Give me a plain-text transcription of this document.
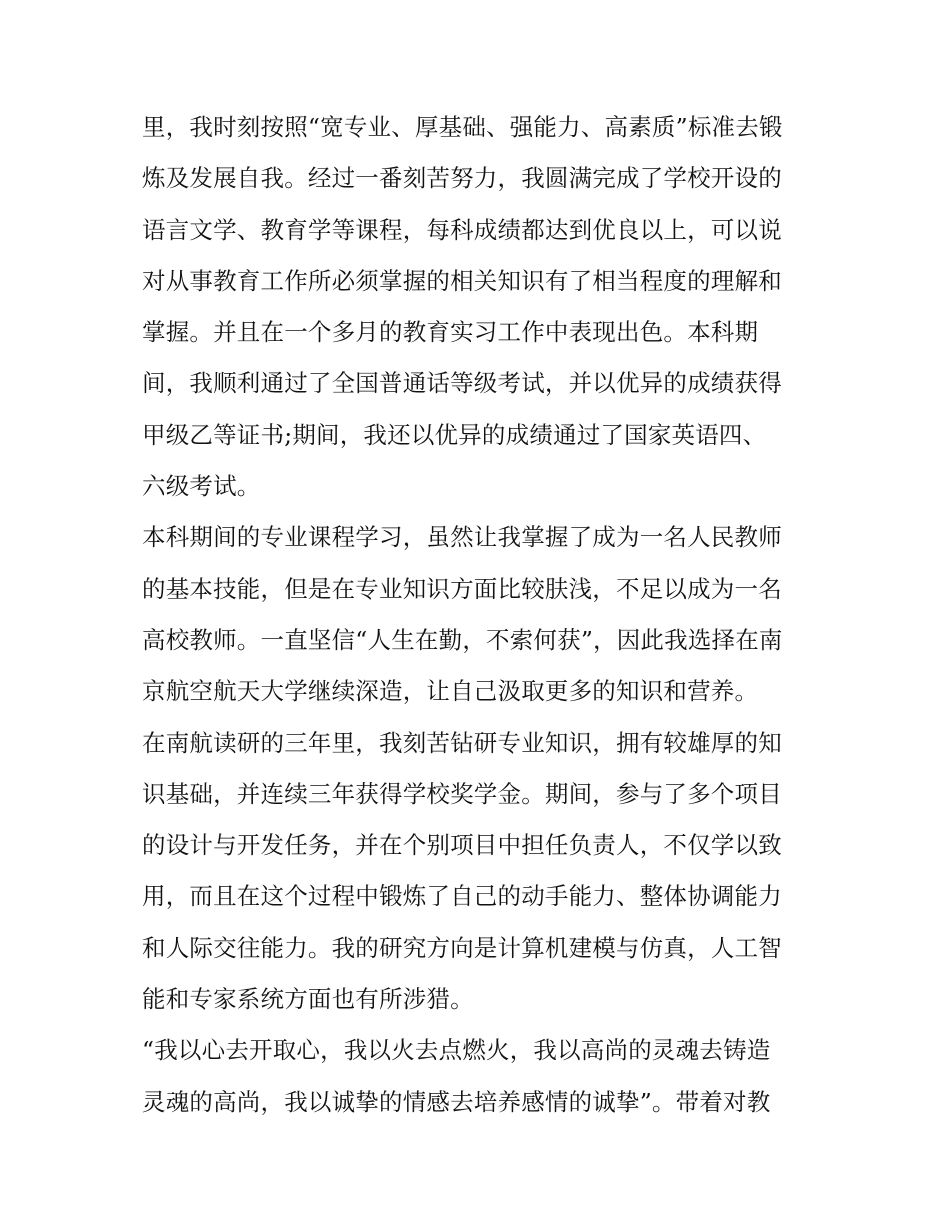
里，我时刻按照“宽专业、厚基础、强能力、高素质”标准去锻
炼及发展自我。经过一番刻苦努力，我圆满完成了学校开设的
语言文学、教育学等课程，每科成绩都达到优良以上，可以说
对从事教育工作所必须掌握的相关知识有了相当程度的理解和
掌握。并且在一个多月的教育实习工作中表现出色。本科期
间，我顺利通过了全国普通话等级考试，并以优异的成绩获得
甲级乙等证书;期间，我还以优异的成绩通过了国家英语四、
六级考试。
本科期间的专业课程学习，虽然让我掌握了成为一名人民教师
的基本技能，但是在专业知识方面比较肤浅，不足以成为一名
高校教师。一直坚信“人生在勤，不索何获”，因此我选择在南
京航空航天大学继续深造，让自己汲取更多的知识和营养。
在南航读研的三年里，我刻苦钻研专业知识，拥有较雄厚的知
识基础，并连续三年获得学校奖学金。期间，参与了多个项目
的设计与开发任务，并在个别项目中担任负责人，不仅学以致
用，而且在这个过程中锻炼了自己的动手能力、整体协调能力
和人际交往能力。我的研究方向是计算机建模与仿真，人工智
能和专家系统方面也有所涉猎。
“我以心去开取心，我以火去点燃火，我以高尚的灵魂去铸造
灵魂的高尚，我以诚挚的情感去培养感情的诚挚”。带着对教
